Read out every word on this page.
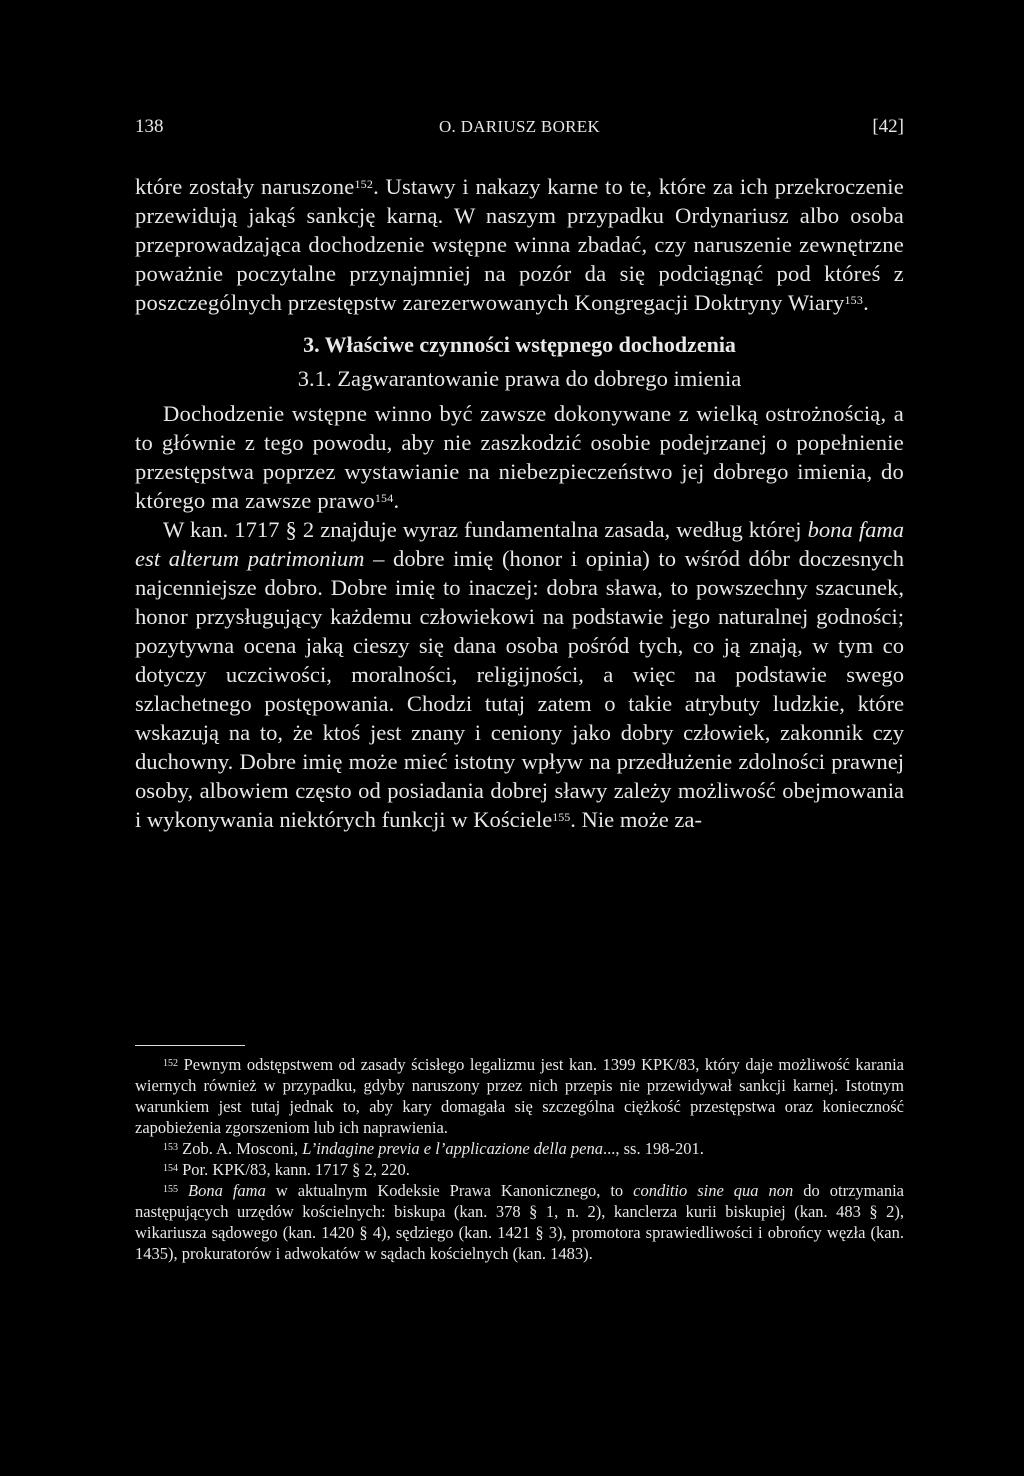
138	O. DARIUSZ BOREK	[42]

które zostały naruszone$^{152}$. Ustawy i nakazy karne to te, które za ich przekroczenie przewidują jakąś sankcję karną. W naszym przypadku Ordynariusz albo osoba przeprowadzająca dochodzenie wstępne winna zbadać, czy naruszenie zewnętrzne poważnie poczytalne przynajmniej na pozór da się podciągnąć pod któreś z poszczególnych przestępstw zarezerwowanych Kongregacji Doktryny Wiary$^{153}$.

3. Właściwe czynności wstępnego dochodzenia

3.1. Zagwarantowanie prawa do dobrego imienia

Dochodzenie wstępne winno być zawsze dokonywane z wielką ostrożnością, a to głównie z tego powodu, aby nie zaszkodzić osobie podejrzanej o popełnienie przestępstwa poprzez wystawianie na niebezpieczeństwo jej dobrego imienia, do którego ma zawsze prawo$^{154}$.

W kan. 1717 § 2 znajduje wyraz fundamentalna zasada, według której bona fama est alterum patrimonium – dobre imię (honor i opinia) to wśród dóbr doczesnych najcenniejsze dobro. Dobre imię to inaczej: dobra sława, to powszechny szacunek, honor przysługujący każdemu człowiekowi na podstawie jego naturalnej godności; pozytywna ocena jaką cieszy się dana osoba pośród tych, co ją znają, w tym co dotyczy uczciwości, moralności, religijności, a więc na podstawie swego szlachetnego postępowania. Chodzi tutaj zatem o takie atrybuty ludzkie, które wskazują na to, że ktoś jest znany i ceniony jako dobry człowiek, zakonnik czy duchowny. Dobre imię może mieć istotny wpływ na przedłużenie zdolności prawnej osoby, albowiem często od posiadania dobrej sławy zależy możliwość obejmowania i wykonywania niektórych funkcji w Kościele$^{155}$. Nie może za-

$^{152}$ Pewnym odstępstwem od zasady ścisłego legalizmu jest kan. 1399 KPK/83, który daje możliwość karania wiernych również w przypadku, gdyby naruszony przez nich przepis nie przewidywał sankcji karnej. Istotnym warunkiem jest tutaj jednak to, aby kary domagała się szczególna ciężkość przestępstwa oraz konieczność zapobieżenia zgorszeniom lub ich naprawienia.

$^{153}$ Zob. A. Mosconi, L’indagine previa e l’applicazione della pena..., ss. 198-201.

$^{154}$ Por. KPK/83, kann. 1717 § 2, 220.

$^{155}$ Bona fama w aktualnym Kodeksie Prawa Kanonicznego, to conditio sine qua non do otrzymania następujących urzędów kościelnych: biskupa (kan. 378 § 1, n. 2), kanclerza kurii biskupiej (kan. 483 § 2), wikariusza sądowego (kan. 1420 § 4), sędziego (kan. 1421 § 3), promotora sprawiedliwości i obrońcy węzła (kan. 1435), prokuratorów i adwokatów w sądach kościelnych (kan. 1483).
